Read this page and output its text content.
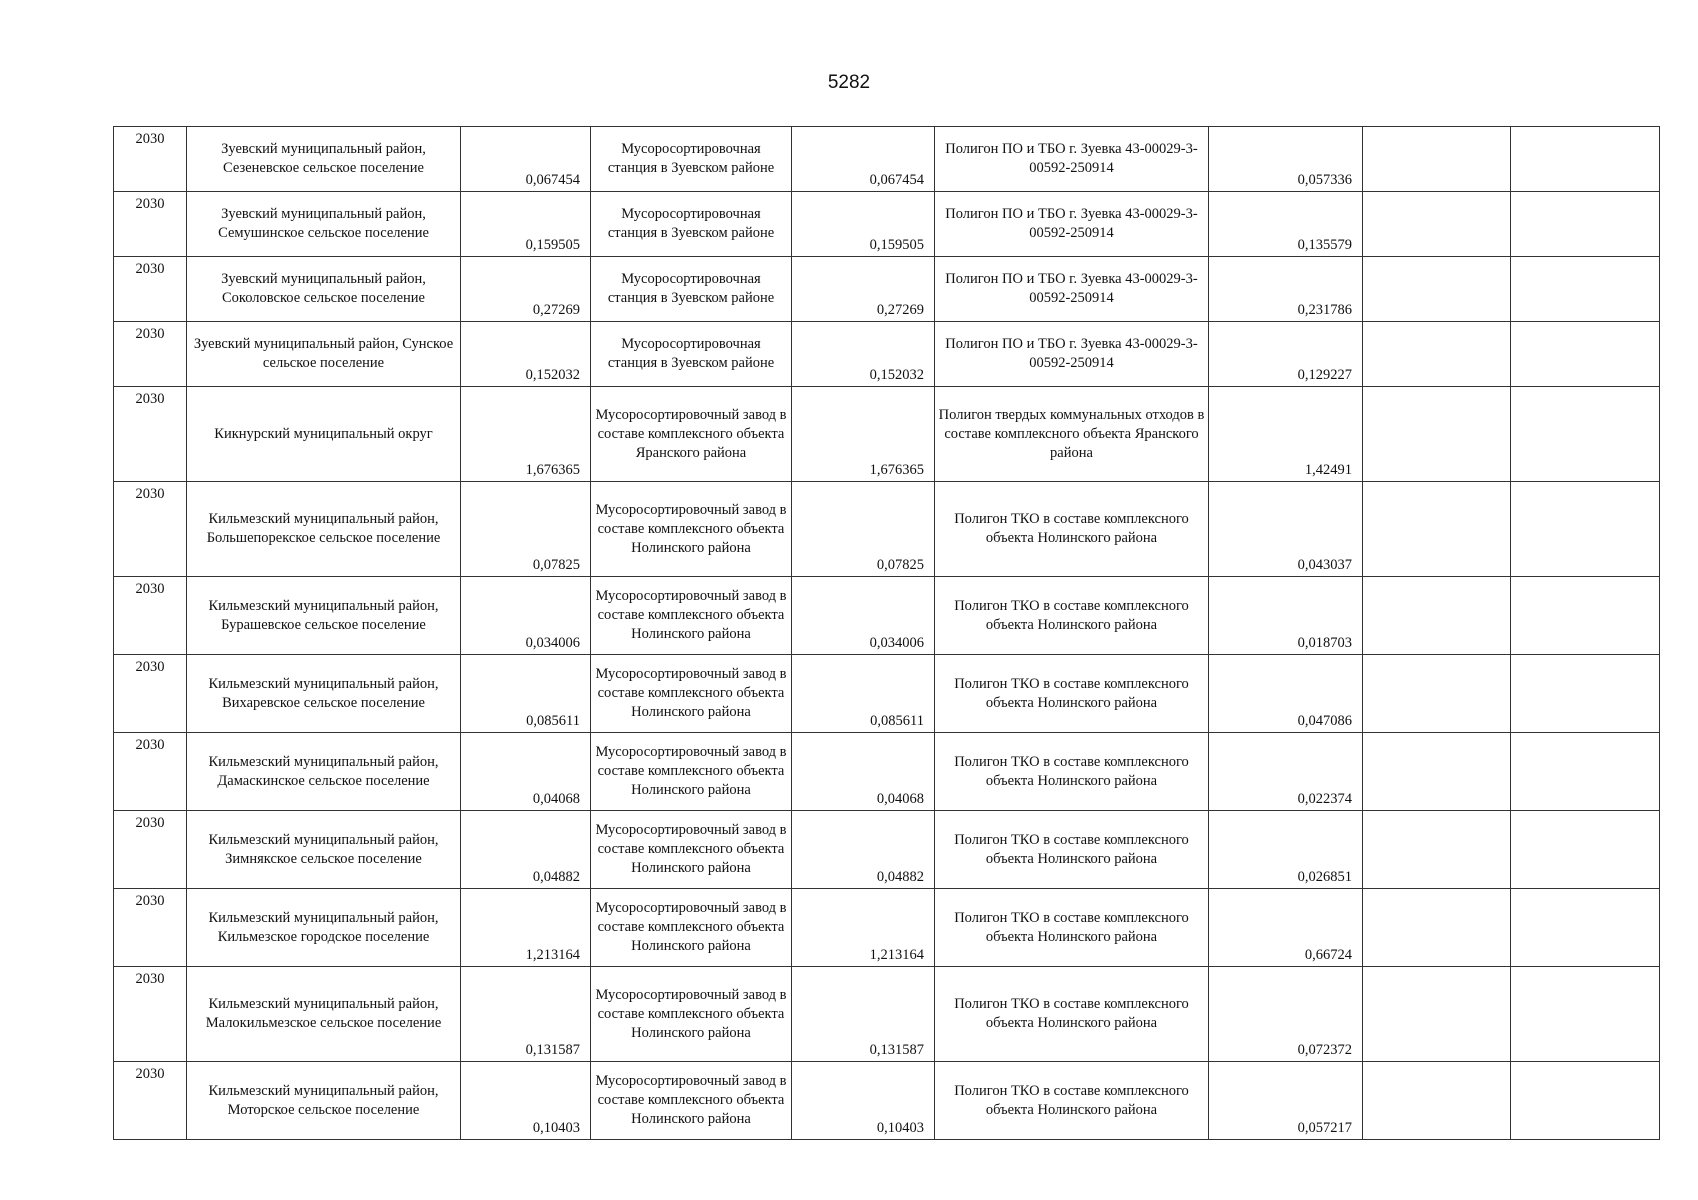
5282
2030	Зуевский муниципальный район, Сезеневское сельское поселение	0,067454	Мусоросортировочная станция в Зуевском районе	0,067454	Полигон ПО и ТБО г. Зуевка 43-00029-3-00592-250914	0,057336		
2030	Зуевский муниципальный район, Семушинское сельское поселение	0,159505	Мусоросортировочная станция в Зуевском районе	0,159505	Полигон ПО и ТБО г. Зуевка 43-00029-3-00592-250914	0,135579		
2030	Зуевский муниципальный район, Соколовское сельское поселение	0,27269	Мусоросортировочная станция в Зуевском районе	0,27269	Полигон ПО и ТБО г. Зуевка 43-00029-3-00592-250914	0,231786		
2030	Зуевский муниципальный район, Сунское сельское поселение	0,152032	Мусоросортировочная станция в Зуевском районе	0,152032	Полигон ПО и ТБО г. Зуевка 43-00029-3-00592-250914	0,129227		
2030	Кикнурский муниципальный округ	1,676365	Мусоросортировочный завод в составе комплексного объекта Яранского района	1,676365	Полигон твердых коммунальных отходов в составе комплексного объекта Яранского района	1,42491		
2030	Кильмезский муниципальный район, Большепорекское сельское поселение	0,07825	Мусоросортировочный завод в составе комплексного объекта Нолинского района	0,07825	Полигон ТКО в составе комплексного объекта Нолинского района	0,043037		
2030	Кильмезский муниципальный район, Бурашевское сельское поселение	0,034006	Мусоросортировочный завод в составе комплексного объекта Нолинского района	0,034006	Полигон ТКО в составе комплексного объекта Нолинского района	0,018703		
2030	Кильмезский муниципальный район, Вихаревское сельское поселение	0,085611	Мусоросортировочный завод в составе комплексного объекта Нолинского района	0,085611	Полигон ТКО в составе комплексного объекта Нолинского района	0,047086		
2030	Кильмезский муниципальный район, Дамаскинское сельское поселение	0,04068	Мусоросортировочный завод в составе комплексного объекта Нолинского района	0,04068	Полигон ТКО в составе комплексного объекта Нолинского района	0,022374		
2030	Кильмезский муниципальный район, Зимнякское сельское поселение	0,04882	Мусоросортировочный завод в составе комплексного объекта Нолинского района	0,04882	Полигон ТКО в составе комплексного объекта Нолинского района	0,026851		
2030	Кильмезский муниципальный район, Кильмезское городское поселение	1,213164	Мусоросортировочный завод в составе комплексного объекта Нолинского района	1,213164	Полигон ТКО в составе комплексного объекта Нолинского района	0,66724		
2030	Кильмезский муниципальный район, Малокильмезское сельское поселение	0,131587	Мусоросортировочный завод в составе комплексного объекта Нолинского района	0,131587	Полигон ТКО в составе комплексного объекта Нолинского района	0,072372		
2030	Кильмезский муниципальный район, Моторское сельское поселение	0,10403	Мусоросортировочный завод в составе комплексного объекта Нолинского района	0,10403	Полигон ТКО в составе комплексного объекта Нолинского района	0,057217		
